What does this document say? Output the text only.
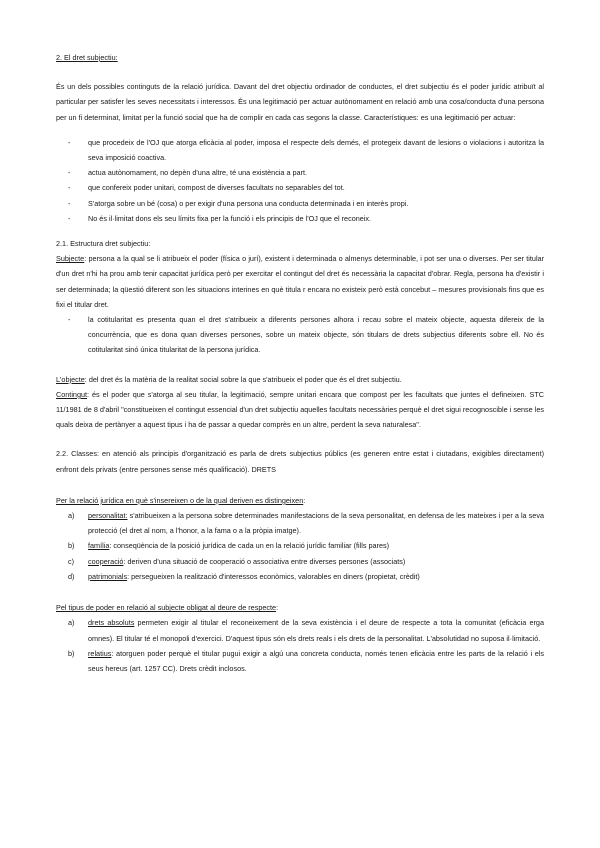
2. El dret subjectiu:

És un dels possibles continguts de la relació jurídica. Davant del dret objectiu ordinador de conductes, el dret subjectiu és el poder jurídic atribuït al particular per satisfer les seves necessitats i interessos. És una legitimació per actuar autònomament en relació amb una cosa/conducta d'una persona per un fi determinat, limitat per la funció social que ha de complir en cada cas segons la classe. Característiques: es una legitimació per actuar:

- que procedeix de l'OJ que atorga eficàcia al poder, imposa el respecte dels demés, el protegeix davant de lesions o violacions i autoritza la seva imposició coactiva.
- actua autònomament, no depèn d'una altre, té una existència a part.
- que confereix poder unitari, compost de diverses facultats no separables del tot.
- S'atorga sobre un bé (cosa) o per exigir d'una persona una conducta determinada i en interès propi.
- No és il·limitat dons els seu límits fixa per la funció i els principis de l'OJ que el reconeix.

2.1. Estructura dret subjectiu:

Subjecte: persona a la qual se li atribueix el poder (física o jurí), existent i determinada o almenys determinable, i pot ser una o diverses. Per ser titular d'un dret n'hi ha prou amb tenir capacitat jurídica però per exercitar el contingut del dret és necessària la capacitat d'obrar. Regla, persona ha d'existir i ser determinada; la qüestió diferent son les situacions interines en què titula r encara no existeix però està concebut – mesures provisionals fins que es fixi el titular dret.

- la cotitularitat es presenta quan el dret s'atribueix a diferents persones alhora i recau sobre el mateix objecte, aquesta difereix de la concurrència, que es dona quan diverses persones, sobre un mateix objecte, són titulars de drets subjectius diferents sobre ell. No és cotitularitat sinó única titularitat de la persona jurídica.

L'objecte: del dret és la matèria de la realitat social sobre la que s'atribueix el poder que és el dret subjectiu.

Contingut: és el poder que s'atorga al seu titular, la legitimació, sempre unitari encara que compost per les facultats que juntes el defineixen. STC 11/1981 de 8 d'abril "constitueixen el contingut essencial d'un dret subjectiu aquelles facultats necessàries perquè el dret sigui recognoscible i sense les quals deixa de pertànyer a aquest tipus i ha de passar a quedar comprès en un altre, perdent la seva naturalesa".

2.2. Classes: en atenció als principis d'organització es parla de drets subjectius públics (es generen entre estat i ciutadans, exigibles directament) enfront dels privats (entre persones sense més qualificació). DRETS

Per la relació jurídica en què s'insereixen o de la qual deriven es distingeixen:

a) personalitat: s'atribueixen a la persona sobre determinades manifestacions de la seva personalitat, en defensa de les mateixes i per a la seva protecció (el dret al nom, a l'honor, a la fama o a la pròpia imatge).
b) família: conseqüència de la posició jurídica de cada un en la relació jurídic familiar (fills pares)
c) cooperació: deriven d'una situació de cooperació o associativa entre diverses persones (associats)
d) patrimonials: persegueixen la realització d'interessos econòmics, valorables en diners (propietat, crèdit)

Pel tipus de poder en relació al subjecte obligat al deure de respecte:

a) drets absoluts permeten exigir al titular el reconeixement de la seva existència i el deure de respecte a tota la comunitat (eficàcia erga omnes). El titular té el monopoli d'exercici. D'aquest tipus són els drets reals i els drets de la personalitat. L'absolutidad no suposa il·limitació.
b) relatius: atorguen poder perquè el titular pugui exigir a algú una concreta conducta, només tenen eficàcia entre les parts de la relació i els seus hereus (art. 1257 CC). Drets crèdit inclosos.
